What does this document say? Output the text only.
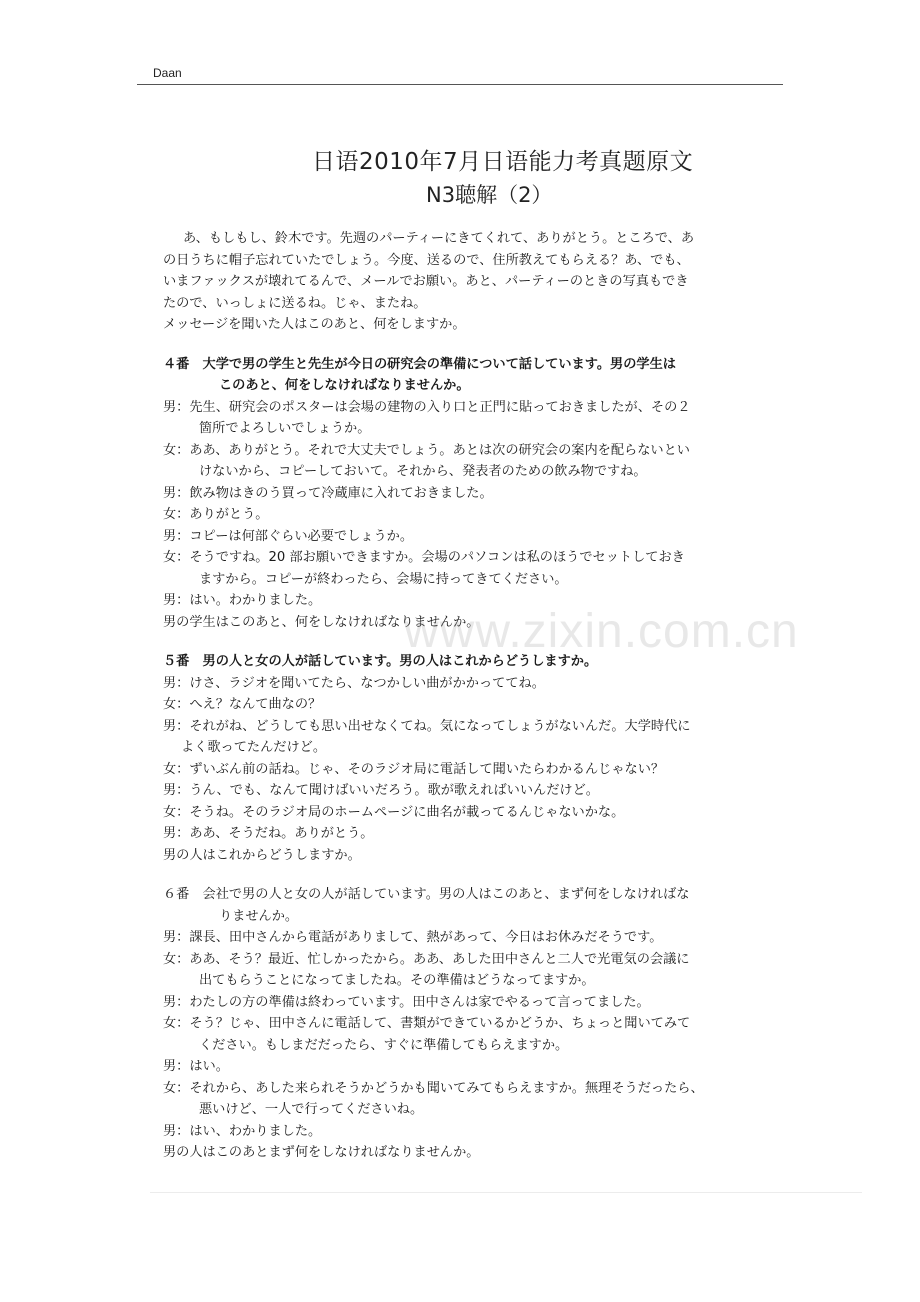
Daan
日语2010年7月日语能力考真题原文
N3聴解（2）
あ、もしもし、鈴木です。先週のパーティーにきてくれて、ありがとう。ところで、あ
の日うちに帽子忘れていたでしょう。今度、送るので、住所教えてもらえる？あ、でも、
いまファックスが壊れてるんで、メールでお願い。あと、パーティーのときの写真もでき
たので、いっしょに送るね。じゃ、またね。
メッセージを聞いた人はこのあと、何をしますか。
４番　大学で男の学生と先生が今日の研究会の準備について話しています。男の学生は
このあと、何をしなければなりませんか。
男：先生、研究会のポスターは会場の建物の入り口と正門に貼っておきましたが、その２
箇所でよろしいでしょうか。
女：ああ、ありがとう。それで大丈夫でしょう。あとは次の研究会の案内を配らないとい
けないから、コピーしておいて。それから、発表者のための飲み物ですね。
男：飲み物はきのう買って冷蔵庫に入れておきました。
女：ありがとう。
男：コピーは何部ぐらい必要でしょうか。
女：そうですね。20 部お願いできますか。会場のパソコンは私のほうでセットしておき
ますから。コピーが終わったら、会場に持ってきてください。
男：はい。わかりました。
男の学生はこのあと、何をしなければなりませんか。
５番　男の人と女の人が話しています。男の人はこれからどうしますか。
男：けさ、ラジオを聞いてたら、なつかしい曲がかかっててね。
女：へえ？なんて曲なの？
男：それがね、どうしても思い出せなくてね。気になってしょうがないんだ。大学時代に
よく歌ってたんだけど。
女：ずいぶん前の話ね。じゃ、そのラジオ局に電話して聞いたらわかるんじゃない？
男：うん、でも、なんて聞けばいいだろう。歌が歌えればいいんだけど。
女：そうね。そのラジオ局のホームページに曲名が載ってるんじゃないかな。
男：ああ、そうだね。ありがとう。
男の人はこれからどうしますか。
６番　会社で男の人と女の人が話しています。男の人はこのあと、まず何をしなければな
りませんか。
男：課長、田中さんから電話がありまして、熱があって、今日はお休みだそうです。
女：ああ、そう？最近、忙しかったから。ああ、あした田中さんと二人で光電気の会議に
出てもらうことになってましたね。その準備はどうなってますか。
男：わたしの方の準備は終わっています。田中さんは家でやるって言ってました。
女：そう？じゃ、田中さんに電話して、書類ができているかどうか、ちょっと聞いてみて
ください。もしまだだったら、すぐに準備してもらえますか。
男：はい。
女：それから、あした来られそうかどうかも聞いてみてもらえますか。無理そうだったら、
悪いけど、一人で行ってくださいね。
男：はい、わかりました。
男の人はこのあとまず何をしなければなりませんか。
www.zixin.com.cn
